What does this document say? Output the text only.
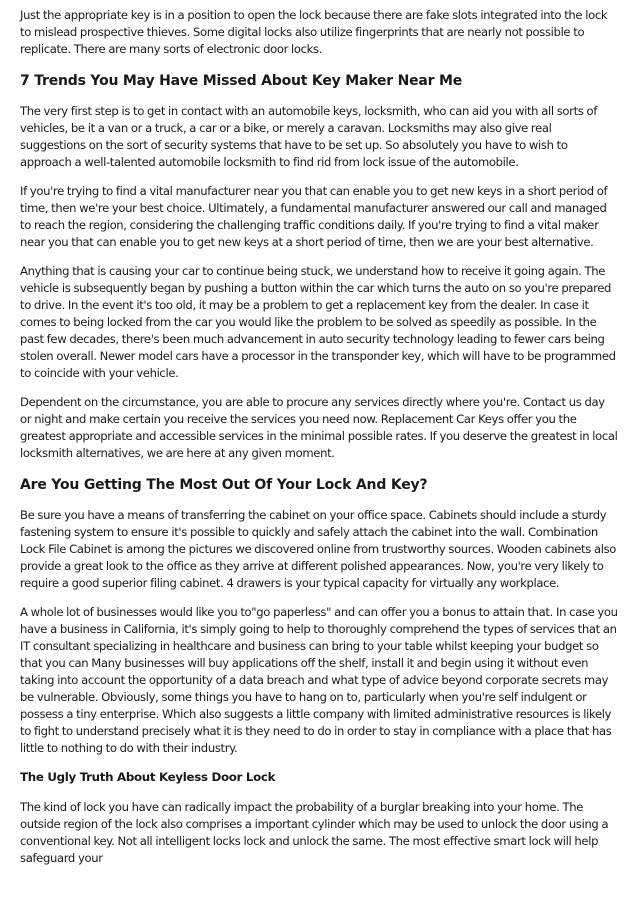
Just the appropriate key is in a position to open the lock because there are fake slots integrated into the lock to mislead prospective thieves. Some digital locks also utilize fingerprints that are nearly not possible to replicate. There are many sorts of electronic door locks.

7 Trends You May Have Missed About Key Maker Near Me

The very first step is to get in contact with an automobile keys, locksmith, who can aid you with all sorts of vehicles, be it a van or a truck, a car or a bike, or merely a caravan. Locksmiths may also give real suggestions on the sort of security systems that have to be set up. So absolutely you have to wish to approach a well-talented automobile locksmith to find rid from lock issue of the automobile.

If you're trying to find a vital manufacturer near you that can enable you to get new keys in a short period of time, then we're your best choice. Ultimately, a fundamental manufacturer answered our call and managed to reach the region, considering the challenging traffic conditions daily. If you're trying to find a vital maker near you that can enable you to get new keys at a short period of time, then we are your best alternative.

Anything that is causing your car to continue being stuck, we understand how to receive it going again. The vehicle is subsequently began by pushing a button within the car which turns the auto on so you're prepared to drive. In the event it's too old, it may be a problem to get a replacement key from the dealer. In case it comes to being locked from the car you would like the problem to be solved as speedily as possible. In the past few decades, there's been much advancement in auto security technology leading to fewer cars being stolen overall. Newer model cars have a processor in the transponder key, which will have to be programmed to coincide with your vehicle.

Dependent on the circumstance, you are able to procure any services directly where you're. Contact us day or night and make certain you receive the services you need now. Replacement Car Keys offer you the greatest appropriate and accessible services in the minimal possible rates. If you deserve the greatest in local locksmith alternatives, we are here at any given moment.

Are You Getting The Most Out Of Your Lock And Key?

Be sure you have a means of transferring the cabinet on your office space. Cabinets should include a sturdy fastening system to ensure it's possible to quickly and safely attach the cabinet into the wall. Combination Lock File Cabinet is among the pictures we discovered online from trustworthy sources. Wooden cabinets also provide a great look to the office as they arrive at different polished appearances. Now, you're very likely to require a good superior filing cabinet. 4 drawers is your typical capacity for virtually any workplace.

A whole lot of businesses would like you to"go paperless" and can offer you a bonus to attain that. In case you have a business in California, it's simply going to help to thoroughly comprehend the types of services that an IT consultant specializing in healthcare and business can bring to your table whilst keeping your budget so that you can Many businesses will buy applications off the shelf, install it and begin using it without even taking into account the opportunity of a data breach and what type of advice beyond corporate secrets may be vulnerable. Obviously, some things you have to hang on to, particularly when you're self indulgent or possess a tiny enterprise. Which also suggests a little company with limited administrative resources is likely to fight to understand precisely what it is they need to do in order to stay in compliance with a place that has little to nothing to do with their industry.

The Ugly Truth About Keyless Door Lock

The kind of lock you have can radically impact the probability of a burglar breaking into your home. The outside region of the lock also comprises a important cylinder which may be used to unlock the door using a conventional key. Not all intelligent locks lock and unlock the same. The most effective smart lock will help safeguard your
